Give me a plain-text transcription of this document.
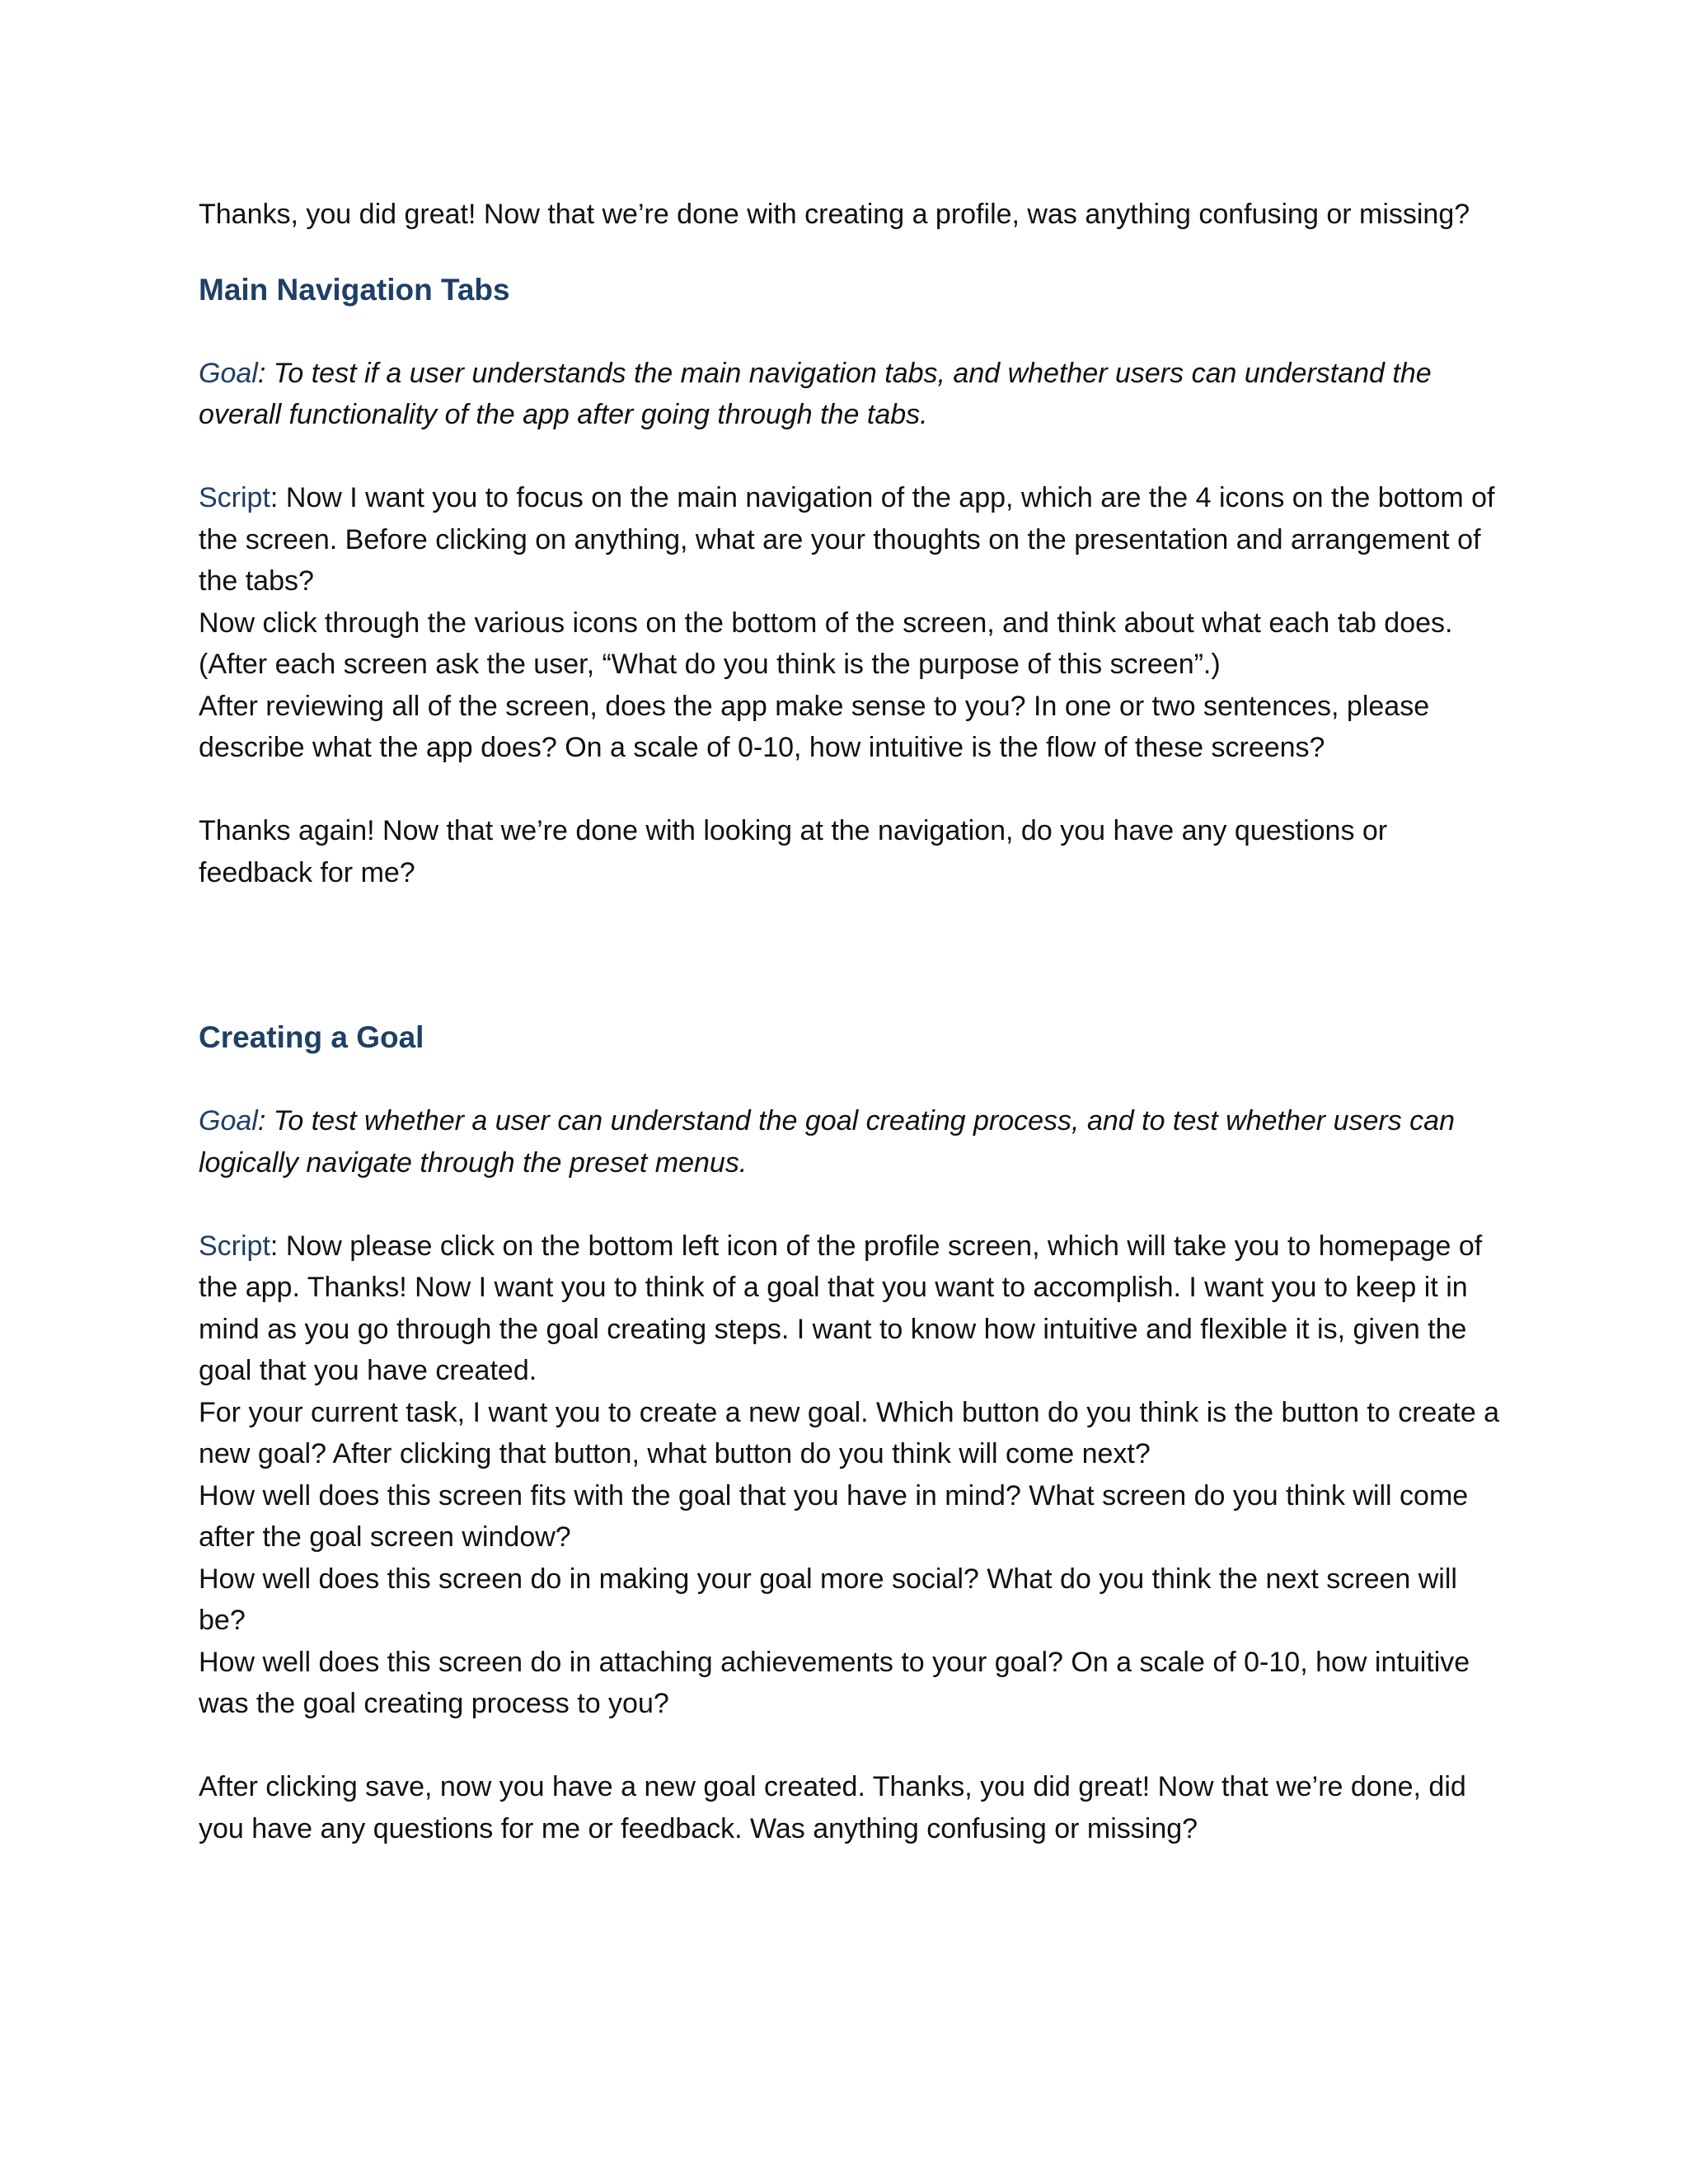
Thanks, you did great! Now that we’re done with creating a profile, was anything confusing or missing?

Main Navigation Tabs

Goal: To test if a user understands the main navigation tabs, and whether users can understand the overall functionality of the app after going through the tabs.

Script: Now I want you to focus on the main navigation of the app, which are the 4 icons on the bottom of the screen. Before clicking on anything, what are your thoughts on the presentation and arrangement of the tabs?

Now click through the various icons on the bottom of the screen, and think about what each tab does. (After each screen ask the user, “What do you think is the purpose of this screen”.)

After reviewing all of the screen, does the app make sense to you? In one or two sentences, please describe what the app does? On a scale of 0-10, how intuitive is the flow of these screens?

Thanks again! Now that we’re done with looking at the navigation, do you have any questions or feedback for me?

Creating a Goal

Goal: To test whether a user can understand the goal creating process, and to test whether users can logically navigate through the preset menus.

Script: Now please click on the bottom left icon of the profile screen, which will take you to homepage of the app. Thanks! Now I want you to think of a goal that you want to accomplish. I want you to keep it in mind as you go through the goal creating steps. I want to know how intuitive and flexible it is, given the goal that you have created.

For your current task, I want you to create a new goal. Which button do you think is the button to create a new goal? After clicking that button, what button do you think will come next?

How well does this screen fits with the goal that you have in mind? What screen do you think will come after the goal screen window?

How well does this screen do in making your goal more social? What do you think the next screen will be?

How well does this screen do in attaching achievements to your goal? On a scale of 0-10, how intuitive was the goal creating process to you?

After clicking save, now you have a new goal created. Thanks, you did great! Now that we’re done, did you have any questions for me or feedback. Was anything confusing or missing?
